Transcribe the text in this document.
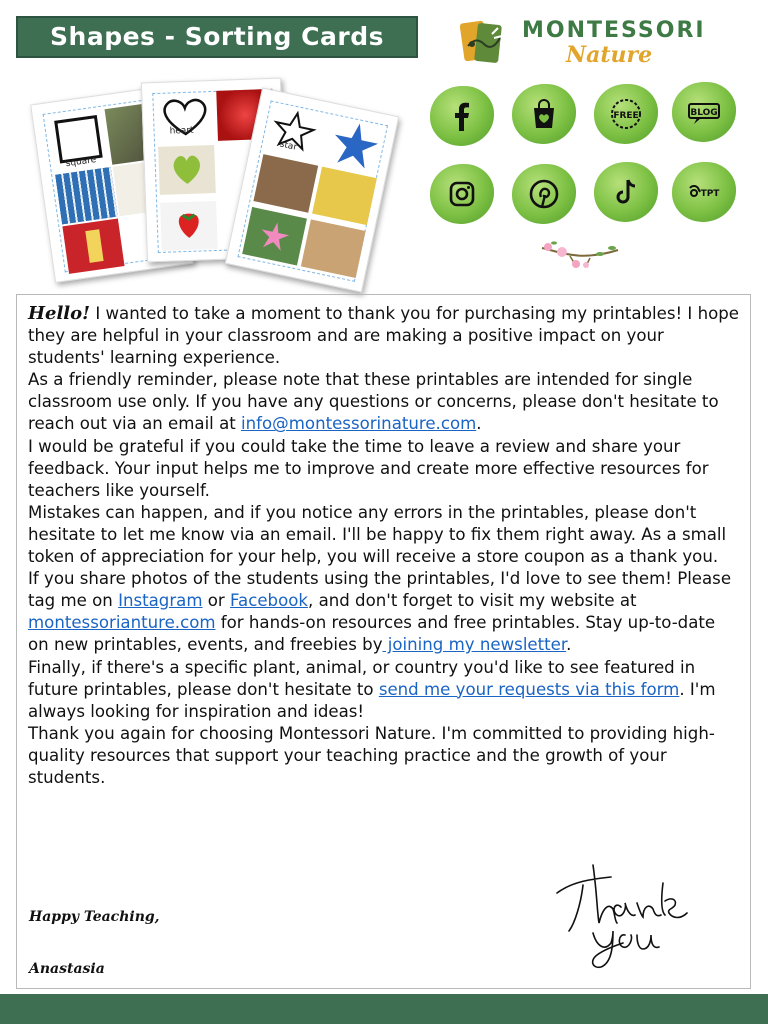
Shapes - Sorting Cards	MONTESSORI
Nature
square
heart
star
FREE	BLOG
TPT

Hello! I wanted to take a moment to thank you for purchasing my printables! I hope they are helpful in your classroom and are making a positive impact on your students' learning experience.

As a friendly reminder, please note that these printables are intended for single classroom use only. If you have any questions or concerns, please don't hesitate to reach out via an email at info@montessorinature.com.

I would be grateful if you could take the time to leave a review and share your feedback. Your input helps me to improve and create more effective resources for teachers like yourself.

Mistakes can happen, and if you notice any errors in the printables, please don't hesitate to let me know via an email. I'll be happy to fix them right away. As a small token of appreciation for your help, you will receive a store coupon as a thank you.

If you share photos of the students using the printables, I'd love to see them! Please tag me on Instagram or Facebook, and don't forget to visit my website at montessorianture.com for hands-on resources and free printables. Stay up-to-date on new printables, events, and freebies by joining my newsletter.

Finally, if there's a specific plant, animal, or country you'd like to see featured in future printables, please don't hesitate to send me your requests via this form. I'm always looking for inspiration and ideas!

Thank you again for choosing Montessori Nature. I'm committed to providing high-quality resources that support your teaching practice and the growth of your students.

Happy Teaching,
Anastasia
